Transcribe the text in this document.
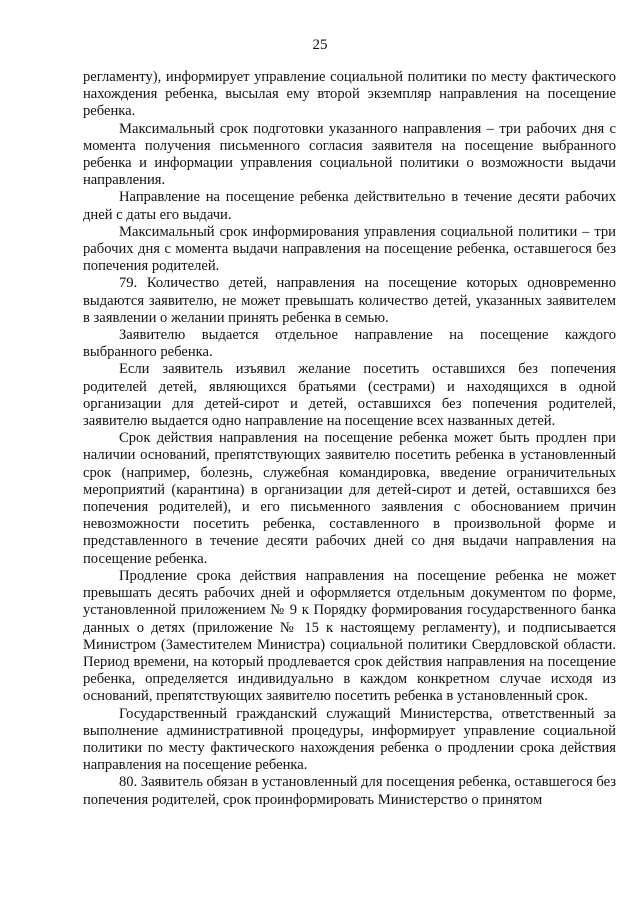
25

регламенту), информирует управление социальной политики по месту фактического нахождения ребенка, высылая ему второй экземпляр направления на посещение ребенка.

Максимальный срок подготовки указанного направления – три рабочих дня с момента получения письменного согласия заявителя на посещение выбранного ребенка и информации управления социальной политики о возможности выдачи направления.

Направление на посещение ребенка действительно в течение десяти рабочих дней с даты его выдачи.

Максимальный срок информирования управления социальной политики – три рабочих дня с момента выдачи направления на посещение ребенка, оставшегося без попечения родителей.

79. Количество детей, направления на посещение которых одновременно выдаются заявителю, не может превышать количество детей, указанных заявителем в заявлении о желании принять ребенка в семью.

Заявителю выдается отдельное направление на посещение каждого выбранного ребенка.

Если заявитель изъявил желание посетить оставшихся без попечения родителей детей, являющихся братьями (сестрами) и находящихся в одной организации для детей-сирот и детей, оставшихся без попечения родителей, заявителю выдается одно направление на посещение всех названных детей.

Срок действия направления на посещение ребенка может быть продлен при наличии оснований, препятствующих заявителю посетить ребенка в установленный срок (например, болезнь, служебная командировка, введение ограничительных мероприятий (карантина) в организации для детей-сирот и детей, оставшихся без попечения родителей), и его письменного заявления с обоснованием причин невозможности посетить ребенка, составленного в произвольной форме и представленного в течение десяти рабочих дней со дня выдачи направления на посещение ребенка.

Продление срока действия направления на посещение ребенка не может превышать десять рабочих дней и оформляется отдельным документом по форме, установленной приложением № 9 к Порядку формирования государственного банка данных о детях (приложение № 15 к настоящему регламенту), и подписывается Министром (Заместителем Министра) социальной политики Свердловской области. Период времени, на который продлевается срок действия направления на посещение ребенка, определяется индивидуально в каждом конкретном случае исходя из оснований, препятствующих заявителю посетить ребенка в установленный срок.

Государственный гражданский служащий Министерства, ответственный за выполнение административной процедуры, информирует управление социальной политики по месту фактического нахождения ребенка о продлении срока действия направления на посещение ребенка.

80. Заявитель обязан в установленный для посещения ребенка, оставшегося без попечения родителей, срок проинформировать Министерство о принятом
